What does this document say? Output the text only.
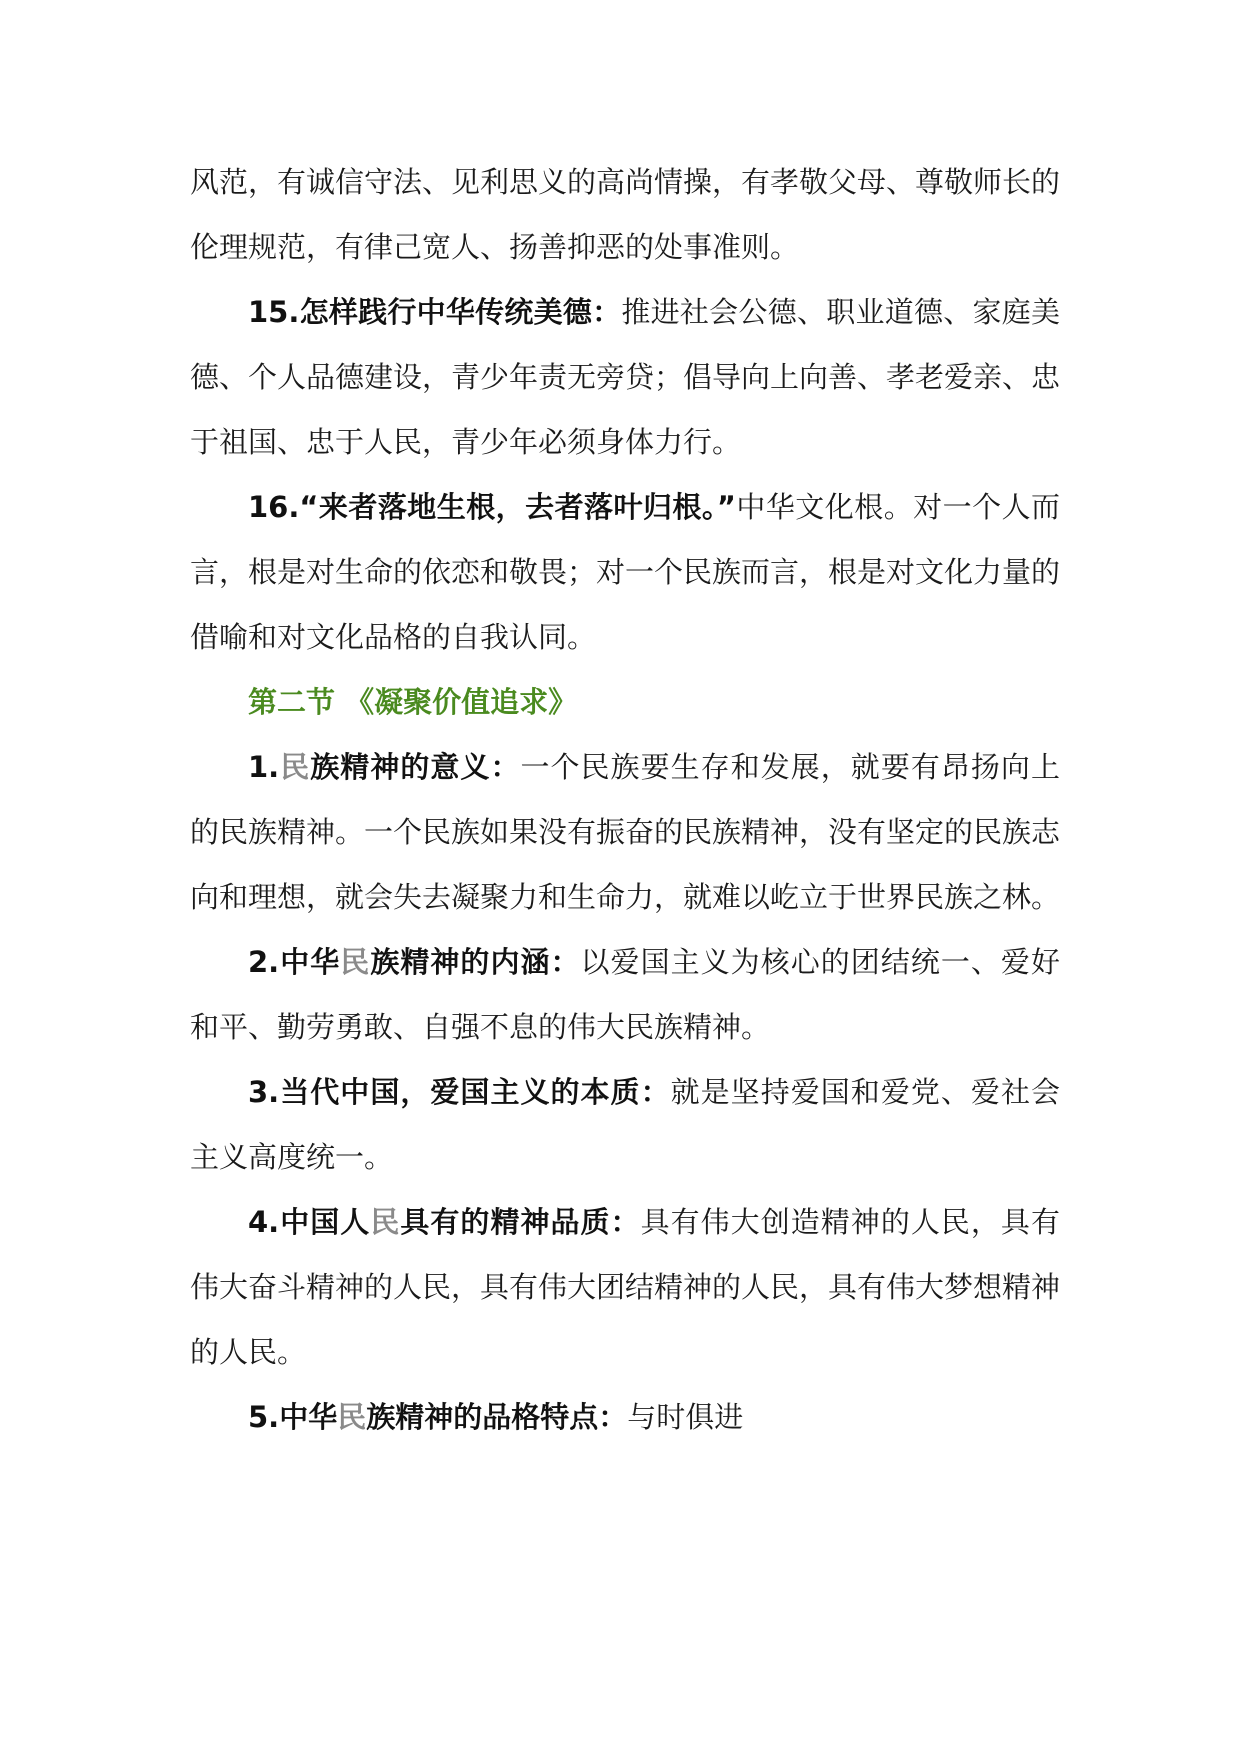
风范，有诚信守法、见利思义的高尚情操，有孝敬父母、尊敬师长的伦理规范，有律己宽人、扬善抑恶的处事准则。

15.怎样践行中华传统美德：推进社会公德、职业道德、家庭美德、个人品德建设，青少年责无旁贷；倡导向上向善、孝老爱亲、忠于祖国、忠于人民，青少年必须身体力行。

16.“来者落地生根，去者落叶归根。”中华文化根。对一个人而言，根是对生命的依恋和敬畏；对一个民族而言，根是对文化力量的借喻和对文化品格的自我认同。

第二节 《凝聚价值追求》

1.民族精神的意义：一个民族要生存和发展，就要有昂扬向上的民族精神。一个民族如果没有振奋的民族精神，没有坚定的民族志向和理想，就会失去凝聚力和生命力，就难以屹立于世界民族之林。

2.中华民族精神的内涵：以爱国主义为核心的团结统一、爱好和平、勤劳勇敢、自强不息的伟大民族精神。

3.当代中国，爱国主义的本质：就是坚持爱国和爱党、爱社会主义高度统一。

4.中国人民具有的精神品质：具有伟大创造精神的人民，具有伟大奋斗精神的人民，具有伟大团结精神的人民，具有伟大梦想精神的人民。

5.中华民族精神的品格特点：与时俱进
